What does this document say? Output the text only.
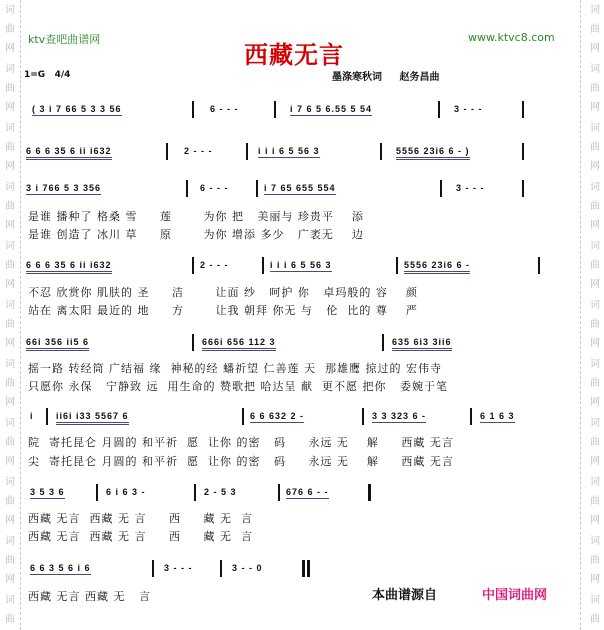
词
曲
网
词
曲
网
词
曲
网
词
曲
网
词
曲
网
词
曲
网
词
曲
网
词
曲
网
词
曲
网
词
曲
网
词
曲
词
曲
网
词
曲
网
词
曲
网
词
曲
网
词
曲
网
词
曲
网
词
曲
网
词
曲
网
词
曲
网
词
曲
网
词
曲
ktv查吧曲谱网
西藏无言
www.ktvc8.com
1=G 4/4	墨涤寒秋词 赵务昌曲
( 3 i 7 66 5 3 3 56	6 - - -	i 7 6 5 6.55 5 54	3 - - -
6 6 6 35 6 ii i632	2 - - -	i i i 6 5 56 3	5556 23i6 6 - )
3 i 766 5 3 356	6 - - -	i 7 65 655 554	3 - - -
是谁 播种了 格桑 雪     莲       为你 把   美丽与 珍贵平    添
是谁 创造了 冰川 草     原       为你 增添 多少   广袤无    边
6 6 6 35 6 ii i632	2 - - -	i i i 6 5 56 3	5556 23i6 6 -
不忍 欣赏你 肌肤的 圣     洁       让面 纱   呵护 你   卓玛般的 容    颜
站在 离太阳 最近的 地     方       让我 朝拜 你无 与   伦  比的 尊    严
66i 356 ii5 6	666i 656 112 3	635 6i3 3ii6
摇一路 转经筒 广结福 缘  神秘的经 蟠祈望 仁善莲 天  那雄鹰 掠过的 宏伟寺
只愿你 永保   宁静致 远  用生命的 赞歌把 哈达呈 献  更不愿 把你   委婉于笔
i ii6i i33 5567 6	6 6 632 2 -	3 3 323 6 -	6 1 6 3
院  寄托昆仑 月圆的 和平祈  愿  让你 的密   码     永远 无    解     西藏 无言
尖  寄托昆仑 月圆的 和平祈  愿  让你 的密   码     永远 无    解     西藏 无言
3 5 3 6	6 i 6 3 -	2 - 5 3	676 6 - -
西藏 无言  西藏 无 言     西     藏 无  言
西藏 无言  西藏 无 言     西     藏 无  言
6 6 3 5 6 i 6	3 - - -	3 - - 0
西藏 无言 西藏 无   言	本曲谱源自	中国词曲网
